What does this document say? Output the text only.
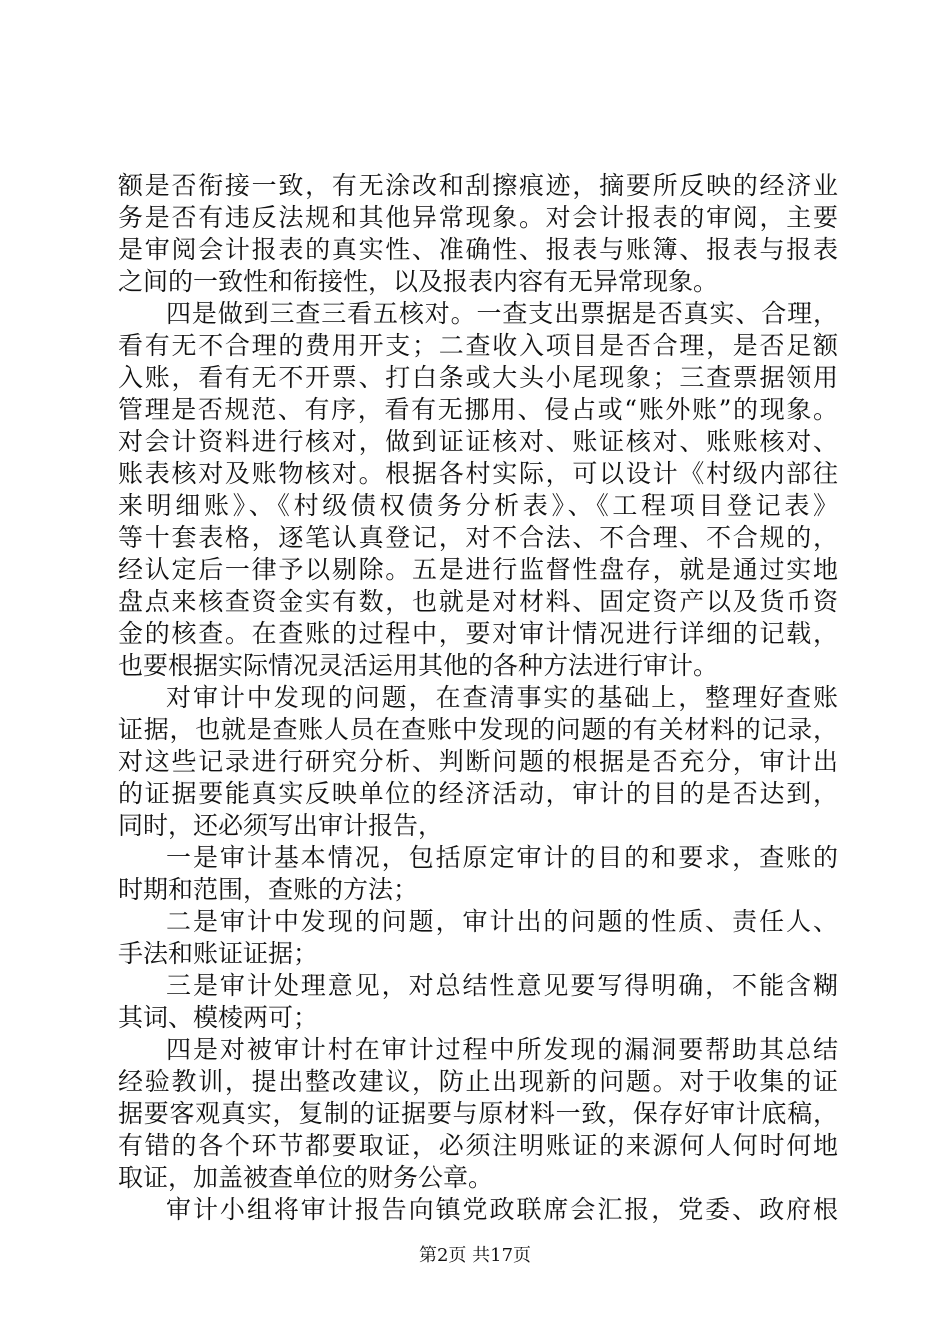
额是否衔接一致，有无涂改和刮擦痕迹，摘要所反映的经济业
务是否有违反法规和其他异常现象。对会计报表的审阅，主要
是审阅会计报表的真实性、准确性、报表与账簿、报表与报表
之间的一致性和衔接性，以及报表内容有无异常现象。
四是做到三查三看五核对。一查支出票据是否真实、合理，
看有无不合理的费用开支；二查收入项目是否合理，是否足额
入账，看有无不开票、打白条或大头小尾现象；三查票据领用
管理是否规范、有序，看有无挪用、侵占或“账外账”的现象。
对会计资料进行核对，做到证证核对、账证核对、账账核对、
账表核对及账物核对。根据各村实际，可以设计《村级内部往
来明细账》、《村级债权债务分析表》、《工程项目登记表》
等十套表格，逐笔认真登记，对不合法、不合理、不合规的，
经认定后一律予以剔除。五是进行监督性盘存，就是通过实地
盘点来核查资金实有数，也就是对材料、固定资产以及货币资
金的核查。在查账的过程中，要对审计情况进行详细的记载，
也要根据实际情况灵活运用其他的各种方法进行审计。
对审计中发现的问题，在查清事实的基础上，整理好查账
证据，也就是查账人员在查账中发现的问题的有关材料的记录，
对这些记录进行研究分析、判断问题的根据是否充分，审计出
的证据要能真实反映单位的经济活动，审计的目的是否达到，
同时，还必须写出审计报告，
一是审计基本情况，包括原定审计的目的和要求，查账的
时期和范围，查账的方法；
二是审计中发现的问题，审计出的问题的性质、责任人、
手法和账证证据；
三是审计处理意见，对总结性意见要写得明确，不能含糊
其词、模棱两可；
四是对被审计村在审计过程中所发现的漏洞要帮助其总结
经验教训，提出整改建议，防止出现新的问题。对于收集的证
据要客观真实，复制的证据要与原材料一致，保存好审计底稿，
有错的各个环节都要取证，必须注明账证的来源何人何时何地
取证，加盖被查单位的财务公章。
审计小组将审计报告向镇党政联席会汇报，党委、政府根
第2页 共17页
